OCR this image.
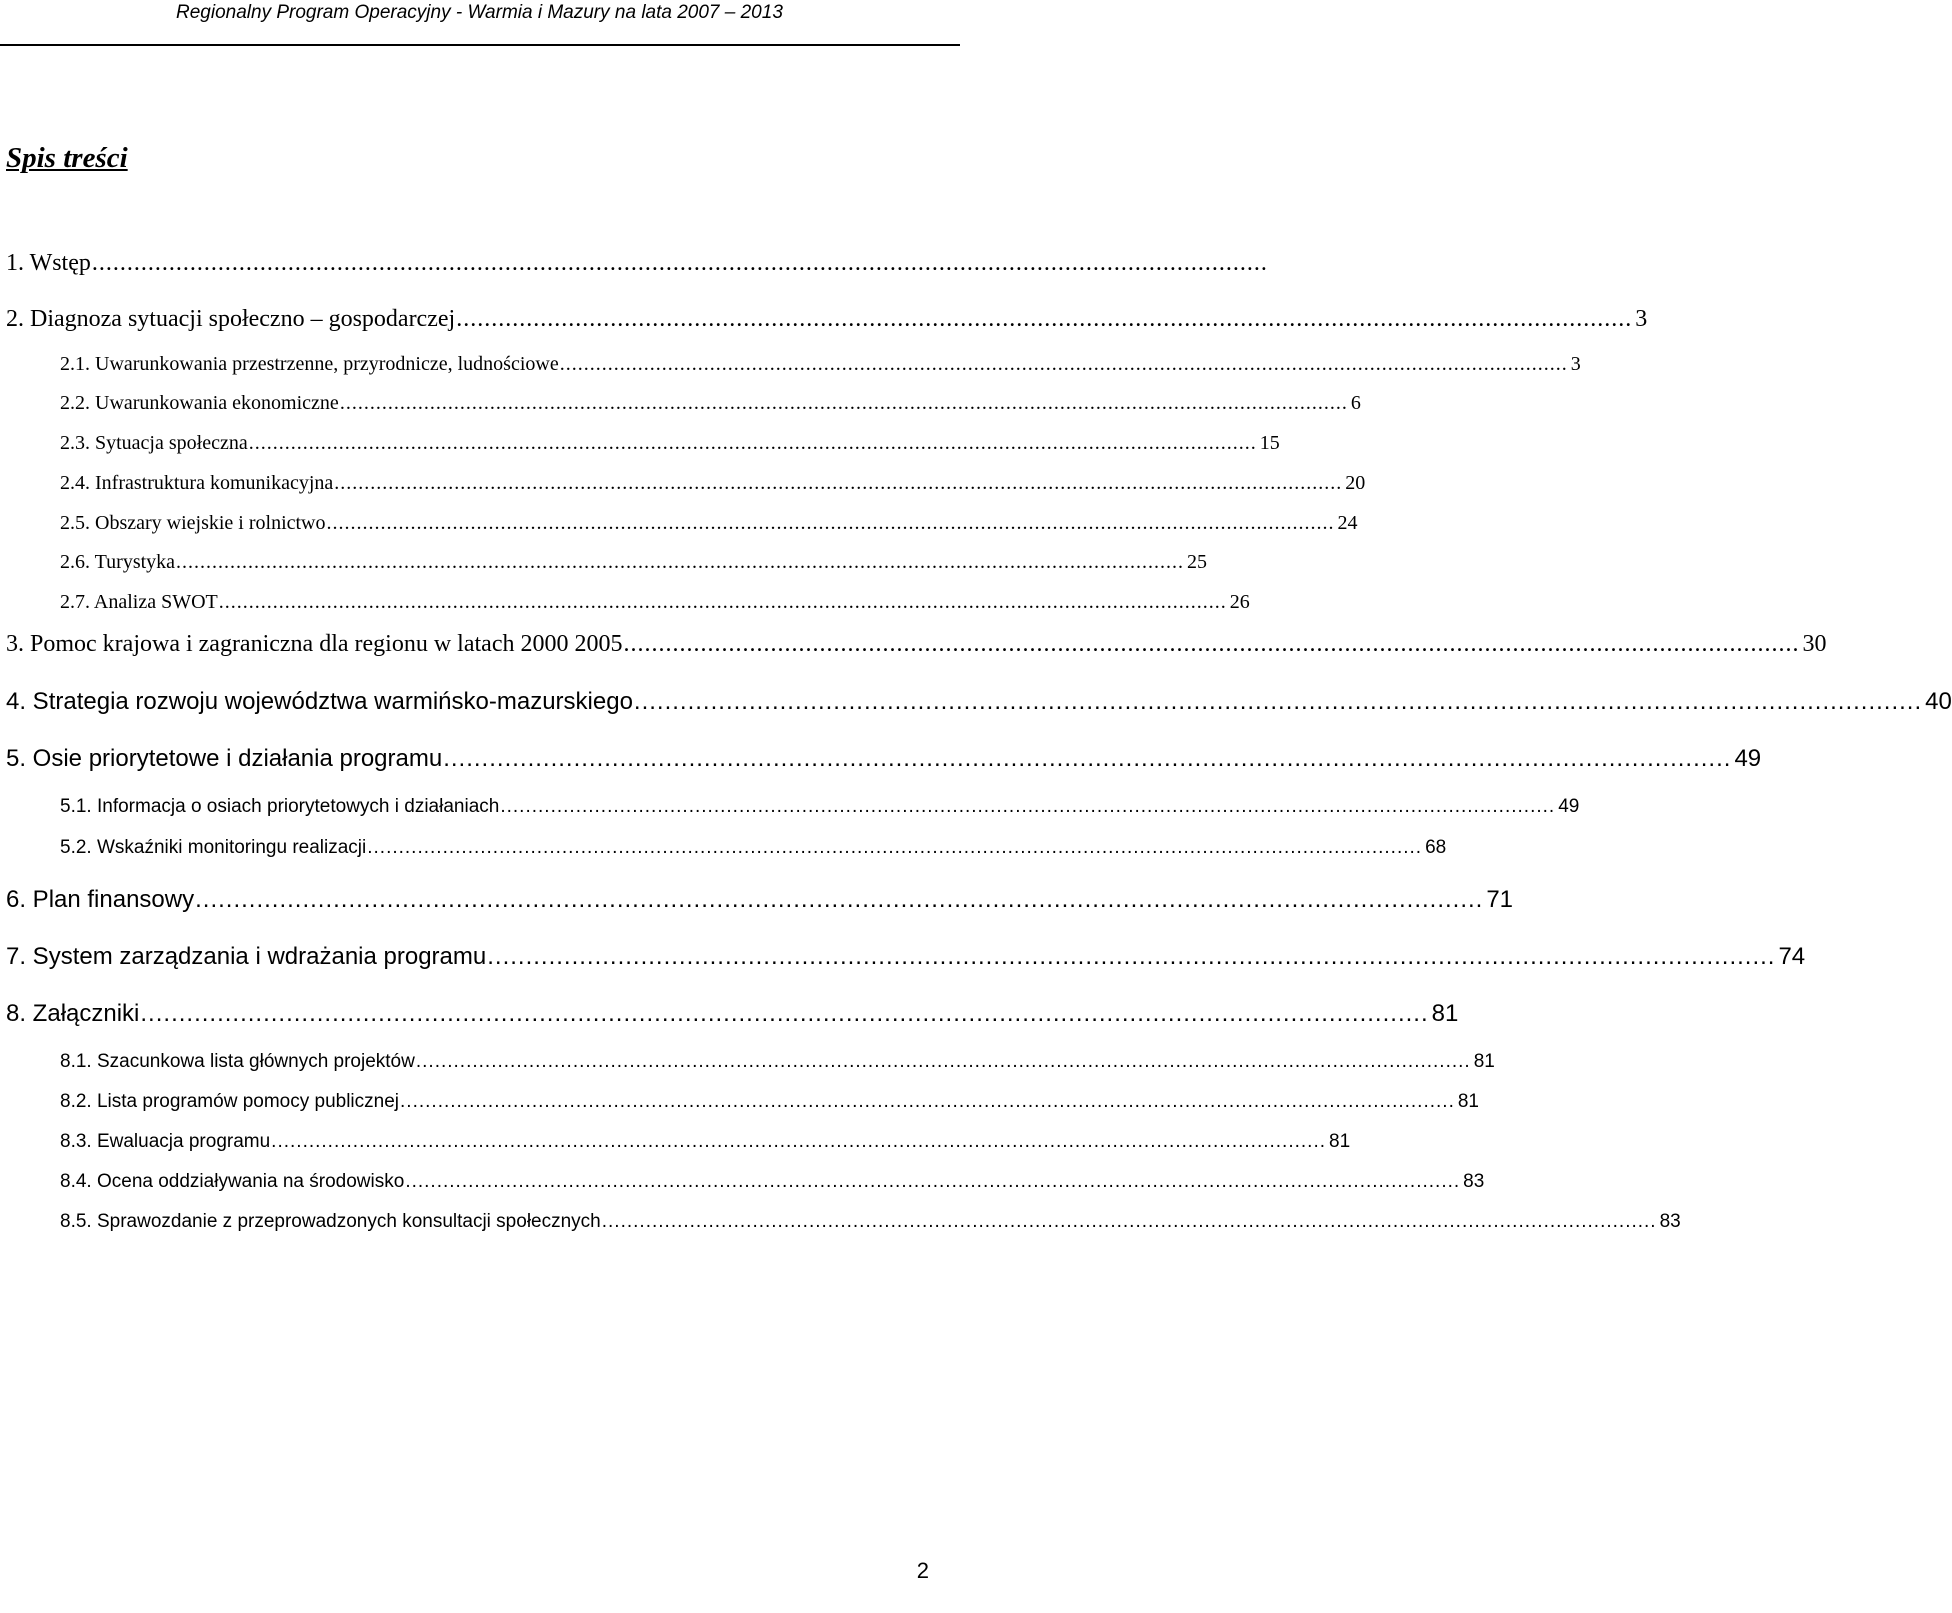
Regionalny Program Operacyjny - Warmia i Mazury na lata 2007 – 2013
Spis treści
1. Wstęp ........................................................................................................................................................................
2. Diagnoza sytuacji społeczno – gospodarczej ........................................................................................................................................................................ 3
2.1. Uwarunkowania przestrzenne, przyrodnicze, ludnościowe ........................................................................................................................................................................ 3
2.2. Uwarunkowania ekonomiczne ........................................................................................................................................................................ 6
2.3. Sytuacja społeczna ........................................................................................................................................................................ 15
2.4. Infrastruktura komunikacyjna ........................................................................................................................................................................ 20
2.5. Obszary wiejskie i rolnictwo ........................................................................................................................................................................ 24
2.6. Turystyka ........................................................................................................................................................................ 25
2.7. Analiza SWOT ........................................................................................................................................................................ 26
3. Pomoc krajowa i zagraniczna dla regionu w latach 2000 2005 ........................................................................................................................................................................ 30
4. Strategia rozwoju województwa warmińsko-mazurskiego ........................................................................................................................................................................ 40
5. Osie priorytetowe i działania programu ........................................................................................................................................................................ 49
5.1. Informacja o osiach priorytetowych i działaniach ........................................................................................................................................................................ 49
5.2. Wskaźniki monitoringu realizacji ........................................................................................................................................................................ 68
6. Plan finansowy ........................................................................................................................................................................ 71
7. System zarządzania i wdrażania programu ........................................................................................................................................................................ 74
8. Załączniki ........................................................................................................................................................................ 81
8.1. Szacunkowa lista głównych projektów ........................................................................................................................................................................ 81
8.2. Lista programów pomocy publicznej ........................................................................................................................................................................ 81
8.3. Ewaluacja programu ........................................................................................................................................................................ 81
8.4. Ocena oddziaływania na środowisko ........................................................................................................................................................................ 83
8.5. Sprawozdanie z przeprowadzonych konsultacji społecznych ........................................................................................................................................................................ 83
2
